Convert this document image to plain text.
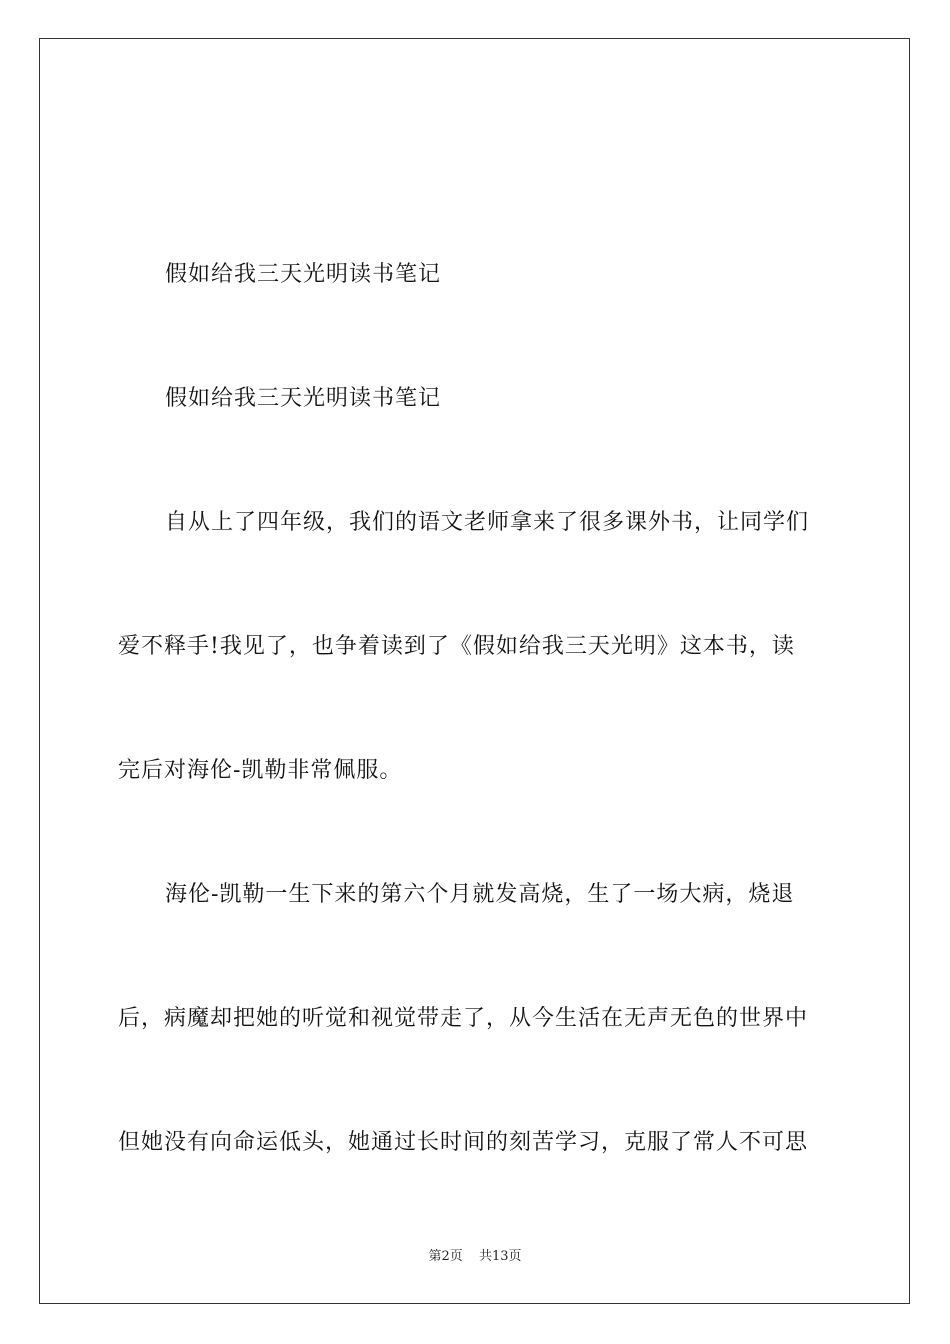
假如给我三天光明读书笔记
假如给我三天光明读书笔记
自从上了四年级，我们的语文老师拿来了很多课外书，让同学们
爱不释手!我见了，也争着读到了《假如给我三天光明》这本书，读
完后对海伦-凯勒非常佩服。
海伦-凯勒一生下来的第六个月就发高烧，生了一场大病，烧退
后，病魔却把她的听觉和视觉带走了，从今生活在无声无色的世界中
但她没有向命运低头，她通过长时间的刻苦学习，克服了常人不可思
第2页 共13页
